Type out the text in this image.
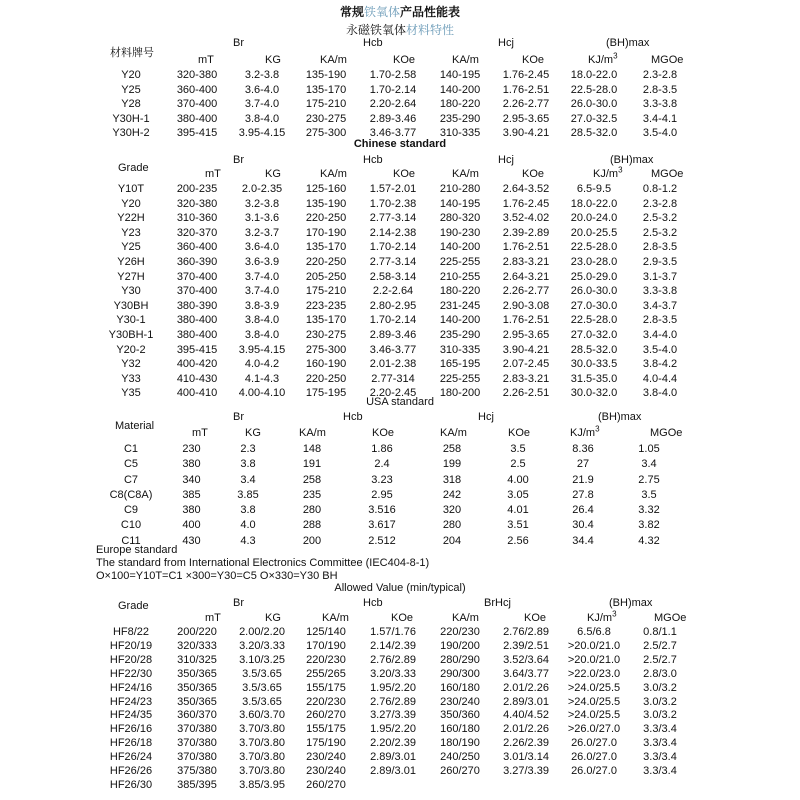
常规铁氧体产品性能表
永磁铁氧体材料特性
材料牌号
Br	Hcb	Hcj	(BH)max
mT	KG	KA/m	KOe	KA/m	KOe	$KJ/m^3$	MGOe
Y20	320-380	3.2-3.8	135-190	1.70-2.58	140-195	1.76-2.45	18.0-22.0	2.3-2.8
Y25	360-400	3.6-4.0	135-170	1.70-2.14	140-200	1.76-2.51	22.5-28.0	2.8-3.5
Y28	370-400	3.7-4.0	175-210	2.20-2.64	180-220	2.26-2.77	26.0-30.0	3.3-3.8
Y30H-1	380-400	3.8-4.0	230-275	2.89-3.46	235-290	2.95-3.65	27.0-32.5	3.4-4.1
Y30H-2	395-415	3.95-4.15	275-300	3.46-3.77	310-335	3.90-4.21	28.5-32.0	3.5-4.0
Chinese standard
Grade
Br	Hcb	Hcj	(BH)max
mT	KG	KA/m	KOe	KA/m	KOe	$KJ/m^3$	MGOe
Y10T	200-235	2.0-2.35	125-160	1.57-2.01	210-280	2.64-3.52	6.5-9.5	0.8-1.2
Y20	320-380	3.2-3.8	135-190	1.70-2.38	140-195	1.76-2.45	18.0-22.0	2.3-2.8
Y22H	310-360	3.1-3.6	220-250	2.77-3.14	280-320	3.52-4.02	20.0-24.0	2.5-3.2
Y23	320-370	3.2-3.7	170-190	2.14-2.38	190-230	2.39-2.89	20.0-25.5	2.5-3.2
Y25	360-400	3.6-4.0	135-170	1.70-2.14	140-200	1.76-2.51	22.5-28.0	2.8-3.5
Y26H	360-390	3.6-3.9	220-250	2.77-3.14	225-255	2.83-3.21	23.0-28.0	2.9-3.5
Y27H	370-400	3.7-4.0	205-250	2.58-3.14	210-255	2.64-3.21	25.0-29.0	3.1-3.7
Y30	370-400	3.7-4.0	175-210	2.2-2.64	180-220	2.26-2.77	26.0-30.0	3.3-3.8
Y30BH	380-390	3.8-3.9	223-235	2.80-2.95	231-245	2.90-3.08	27.0-30.0	3.4-3.7
Y30-1	380-400	3.8-4.0	135-170	1.70-2.14	140-200	1.76-2.51	22.5-28.0	2.8-3.5
Y30BH-1	380-400	3.8-4.0	230-275	2.89-3.46	235-290	2.95-3.65	27.0-32.0	3.4-4.0
Y20-2	395-415	3.95-4.15	275-300	3.46-3.77	310-335	3.90-4.21	28.5-32.0	3.5-4.0
Y32	400-420	4.0-4.2	160-190	2.01-2.38	165-195	2.07-2.45	30.0-33.5	3.8-4.2
Y33	410-430	4.1-4.3	220-250	2.77-314	225-255	2.83-3.21	31.5-35.0	4.0-4.4
Y35	400-410	4.00-4.10	175-195	2.20-2.45	180-200	2.26-2.51	30.0-32.0	3.8-4.0
USA standard
Br	Hcb	Hcj	(BH)max
Material
mT	KG	KA/m	KOe	KA/m	KOe	$KJ/m^3$	MGOe
C1	230	2.3	148	1.86	258	3.5	8.36	1.05
C5	380	3.8	191	2.4	199	2.5	27	3.4
C7	340	3.4	258	3.23	318	4.00	21.9	2.75
C8(C8A)	385	3.85	235	2.95	242	3.05	27.8	3.5
C9	380	3.8	280	3.516	320	4.01	26.4	3.32
C10	400	4.0	288	3.617	280	3.51	30.4	3.82
C11	430	4.3	200	2.512	204	2.56	34.4	4.32
Europe standard
The standard from International Electronics Committee (IEC404-8-1)
O×100=Y10T=C1 ×300=Y30=C5 O×330=Y30 BH
Allowed Value (min/typical)
Br	Hcb	BrHcj	(BH)max
Grade
mT	KG	KA/m	KOe	KA/m	KOe	$KJ/m^3$	MGOe
HF8/22	200/220	2.00/2.20	125/140	1.57/1.76	220/230	2.76/2.89	6.5/6.8	0.8/1.1
HF20/19	320/333	3.20/3.33	170/190	2.14/2.39	190/200	2.39/2.51	>20.0/21.0	2.5/2.7
HF20/28	310/325	3.10/3.25	220/230	2.76/2.89	280/290	3.52/3.64	>20.0/21.0	2.5/2.7
HF22/30	350/365	3.5/3.65	255/265	3.20/3.33	290/300	3.64/3.77	>22.0/23.0	2.8/3.0
HF24/16	350/365	3.5/3.65	155/175	1.95/2.20	160/180	2.01/2.26	>24.0/25.5	3.0/3.2
HF24/23	350/365	3.5/3.65	220/230	2.76/2.89	230/240	2.89/3.01	>24.0/25.5	3.0/3.2
HF24/35	360/370	3.60/3.70	260/270	3.27/3.39	350/360	4.40/4.52	>24.0/25.5	3.0/3.2
HF26/16	370/380	3.70/3.80	155/175	1.95/2.20	160/180	2.01/2.26	>26.0/27.0	3.3/3.4
HF26/18	370/380	3.70/3.80	175/190	2.20/2.39	180/190	2.26/2.39	26.0/27.0	3.3/3.4
HF26/24	370/380	3.70/3.80	230/240	2.89/3.01	240/250	3.01/3.14	26.0/27.0	3.3/3.4
HF26/26	375/380	3.70/3.80	230/240	2.89/3.01	260/270	3.27/3.39	26.0/27.0	3.3/3.4
HF26/30	385/395	3.85/3.95	260/270					
